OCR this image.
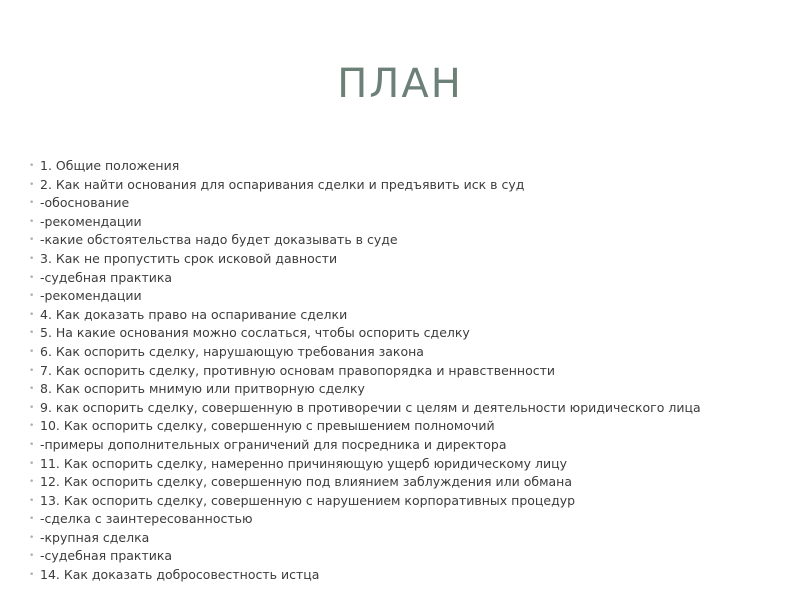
ПЛАН
• 1. Общие положения
• 2. Как найти основания для оспаривания сделки и предъявить иск в суд
• -обоснование
• -рекомендации
• -какие обстоятельства надо будет доказывать в суде
• 3. Как не пропустить срок исковой давности
• -судебная практика
• -рекомендации
• 4. Как доказать право на оспаривание сделки
• 5. На какие основания можно сослаться, чтобы оспорить сделку
• 6. Как оспорить сделку, нарушающую требования закона
• 7. Как оспорить сделку, противную основам правопорядка и нравственности
• 8. Как оспорить мнимую или притворную сделку
• 9. как оспорить сделку, совершенную в противоречии с целям и деятельности юридического лица
• 10. Как оспорить сделку, совершенную с превышением полномочий
• -примеры дополнительных ограничений для посредника и директора
• 11. Как оспорить сделку, намеренно причиняющую ущерб юридическому лицу
• 12. Как оспорить сделку, совершенную под влиянием заблуждения или обмана
• 13. Как оспорить сделку, совершенную с нарушением корпоративных процедур
• -сделка с заинтересованностью
• -крупная сделка
• -судебная практика
• 14. Как доказать добросовестность истца
